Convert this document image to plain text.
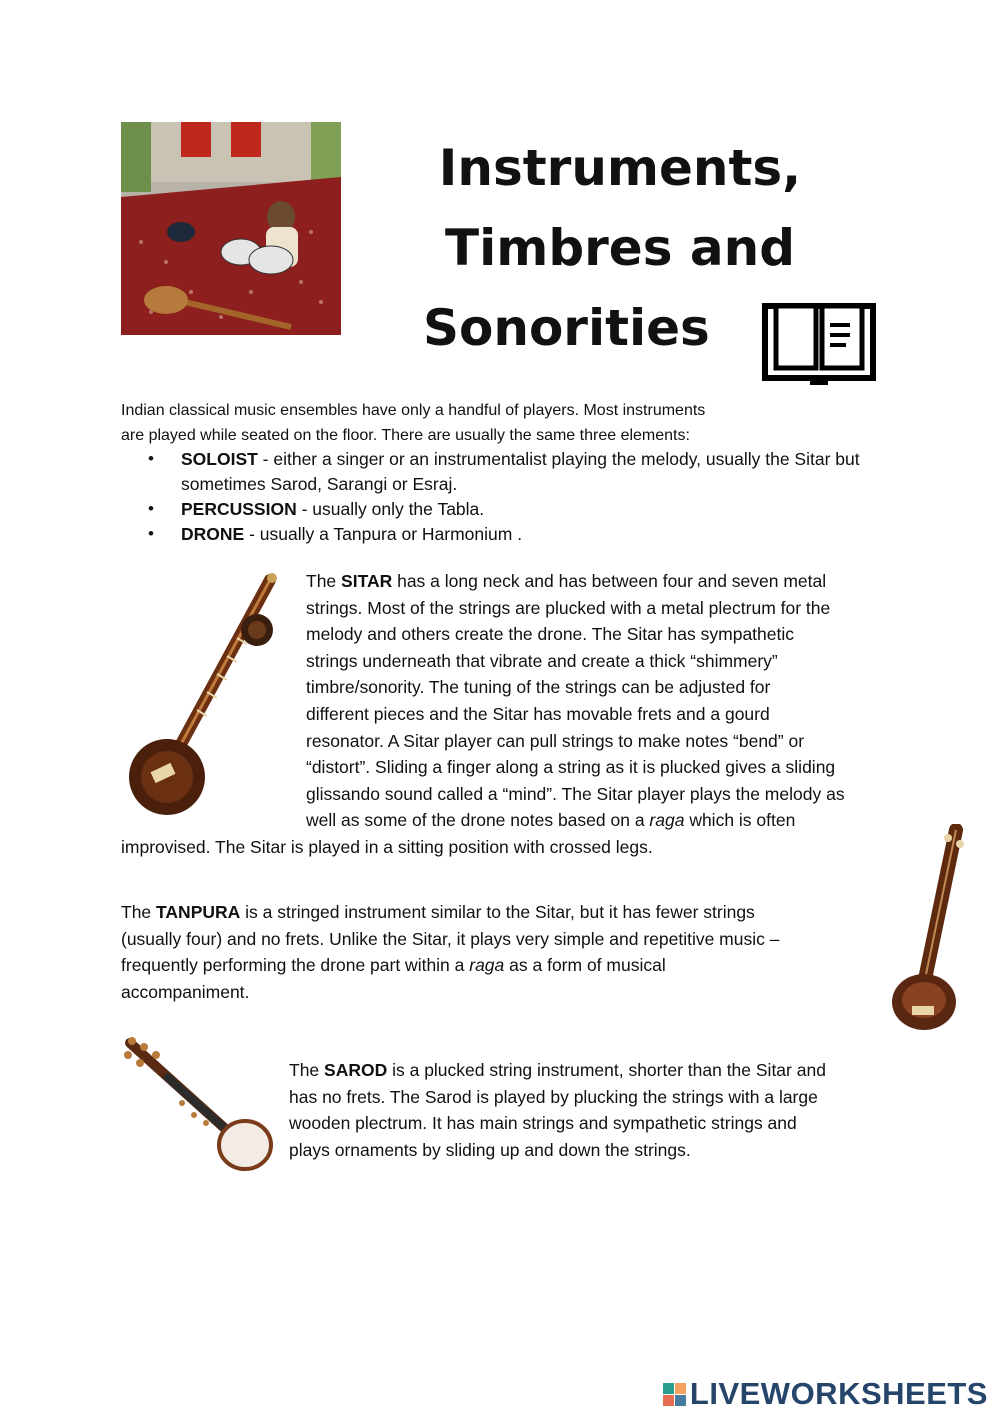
Instruments,
Timbres and
Sonorities
Indian classical music ensembles have only a handful of players. Most instruments
are played while seated on the floor. There are usually the same three elements:
• SOLOIST - either a singer or an instrumentalist playing the melody, usually the Sitar but sometimes Sarod, Sarangi or Esraj.
• PERCUSSION - usually only the Tabla.
• DRONE - usually a Tanpura or Harmonium .
The SITAR has a long neck and has between four and seven metal
strings. Most of the strings are plucked with a metal plectrum for the
melody and others create the drone. The Sitar has sympathetic
strings underneath that vibrate and create a thick “shimmery”
timbre/sonority. The tuning of the strings can be adjusted for
different pieces and the Sitar has movable frets and a gourd
resonator. A Sitar player can pull strings to make notes “bend” or
“distort”. Sliding a finger along a string as it is plucked gives a sliding
glissando sound called a “mind”. The Sitar player plays the melody as
well as some of the drone notes based on a raga which is often
improvised. The Sitar is played in a sitting position with crossed legs.
The TANPURA is a stringed instrument similar to the Sitar, but it has fewer strings
(usually four) and no frets. Unlike the Sitar, it plays very simple and repetitive music –
frequently performing the drone part within a raga as a form of musical
accompaniment.
The SAROD is a plucked string instrument, shorter than the Sitar and
has no frets. The Sarod is played by plucking the strings with a large
wooden plectrum. It has main strings and sympathetic strings and
plays ornaments by sliding up and down the strings.
LIVEWORKSHEETS
